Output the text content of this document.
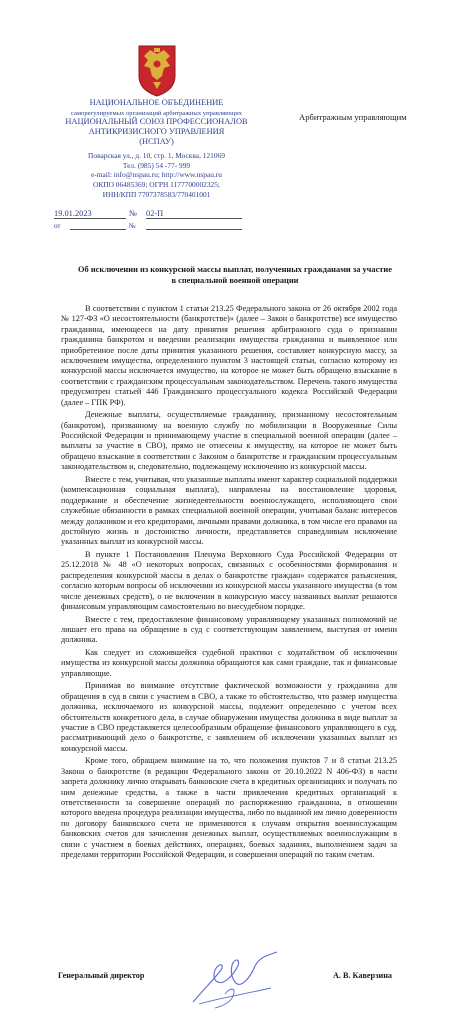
НАЦИОНАЛЬНОЕ ОБЪЕДИНЕНИЕ
саморегулируемых организаций арбитражных управляющих
НАЦИОНАЛЬНЫЙ СОЮЗ ПРОФЕССИОНАЛОВ
АНТИКРИЗИСНОГО УПРАВЛЕНИЯ
(НСПАУ)
Поварская ул., д. 10, стр. 1, Москва, 121069
Тел. (985) 54 -77- 999
e-mail: info@nspau.ru; http://www.nspau.ru
ОКПО 06485369; ОГРН 1177700002325;
ИНН/КПП 7707378583/770401001
Арбитражным управляющим
19.01.2023	№ 02-П
от	№
Об исключении из конкурсной массы выплат, полученных гражданами за участие в специальной военной операции

В соответствии с пунктом 1 статьи 213.25 Федерального закона от 26 октября 2002 года № 127-ФЗ «О несостоятельности (банкротстве)» (далее – Закон о банкротстве) все имущество гражданина, имеющееся на дату принятия решения арбитражного суда о признании гражданина банкротом и введении реализации имущества гражданина и выявленное или приобретенное после даты принятия указанного решения, составляет конкурсную массу, за исключением имущества, определенного пунктом 3 настоящей статьи, согласно которому из конкурсной массы исключается имущество, на которое не может быть обращено взыскание в соответствии с гражданским процессуальным законодательством. Перечень такого имущества предусмотрен статьей 446 Гражданского процессуального кодекса Российской Федерации (далее – ГПК РФ).

Денежные выплаты, осуществляемые гражданину, признанному несостоятельным (банкротом), призванному на военную службу по мобилизации в Вооруженные Силы Российской Федерации и принимающему участие в специальной военной операции (далее – выплаты за участие в СВО), прямо не отнесены к имуществу, на которое не может быть обращено взыскание в соответствии с Законом о банкротстве и гражданским процессуальным законодательством и, следовательно, подлежащему исключению из конкурсной массы.

Вместе с тем, учитывая, что указанные выплаты имеют характер социальной поддержки (компенсационная социальная выплата), направлены на восстановление здоровья, поддержание и обеспечение жизнедеятельности военнослужащего, исполняющего свои служебные обязанности в рамках специальной военной операции, учитывая баланс интересов между должником и его кредиторами, личными правами должника, в том числе его правами на достойную жизнь и достоинство личности, представляется справедливым исключение указанных выплат из конкурсной массы.

В пункте 1 Постановления Пленума Верховного Суда Российской Федерации от 25.12.2018 № 48 «О некоторых вопросах, связанных с особенностями формирования и распределения конкурсной массы в делах о банкротстве граждан» содержатся разъяснения, согласно которым вопросы об исключении из конкурсной массы указанного имущества (в том числе денежных средств), о не включении в конкурсную массу названных выплат решаются финансовым управляющим самостоятельно во внесудебном порядке.

Вместе с тем, предоставление финансовому управляющему указанных полномочий не лишает его права на обращение в суд с соответствующим заявлением, выступая от имени должника.

Как следует из сложившейся судебной практики с ходатайством об исключении имущества из конкурсной массы должника обращаются как сами граждане, так и финансовые управляющие.

Принимая во внимание отсутствие фактической возможности у гражданина для обращения в суд в связи с участием в СВО, а также то обстоятельство, что размер имущества должника, исключаемого из конкурсной массы, подлежит определению с учетом всех обстоятельств конкретного дела, в случае обнаружения имущества должника в виде выплат за участие в СВО представляется целесообразным обращение финансового управляющего в суд, рассматривающий дело о банкротстве, с заявлением об исключении указанных выплат из конкурсной массы.

Кроме того, обращаем внимание на то, что положения пунктов 7 и 8 статьи 213.25 Закона о банкротстве (в редакции Федерального закона от 20.10.2022 N 406-ФЗ) в части запрета должнику лично открывать банковские счета в кредитных организациях и получать по ним денежные средства, а также в части привлечения кредитных организаций к ответственности за совершение операций по распоряжению гражданина, в отношении которого введена процедура реализации имущества, либо по выданной им лично доверенности по договору банковского счета не применяются к случаям открытия военнослужащим банковских счетов для зачисления денежных выплат, осуществляемых военнослужащим в связи с участием в боевых действиях, операциях, боевых заданиях, выполнением задач за пределами территории Российской Федерации, и совершения операций по таким счетам.

Генеральный директор	А. В. Каверзина
